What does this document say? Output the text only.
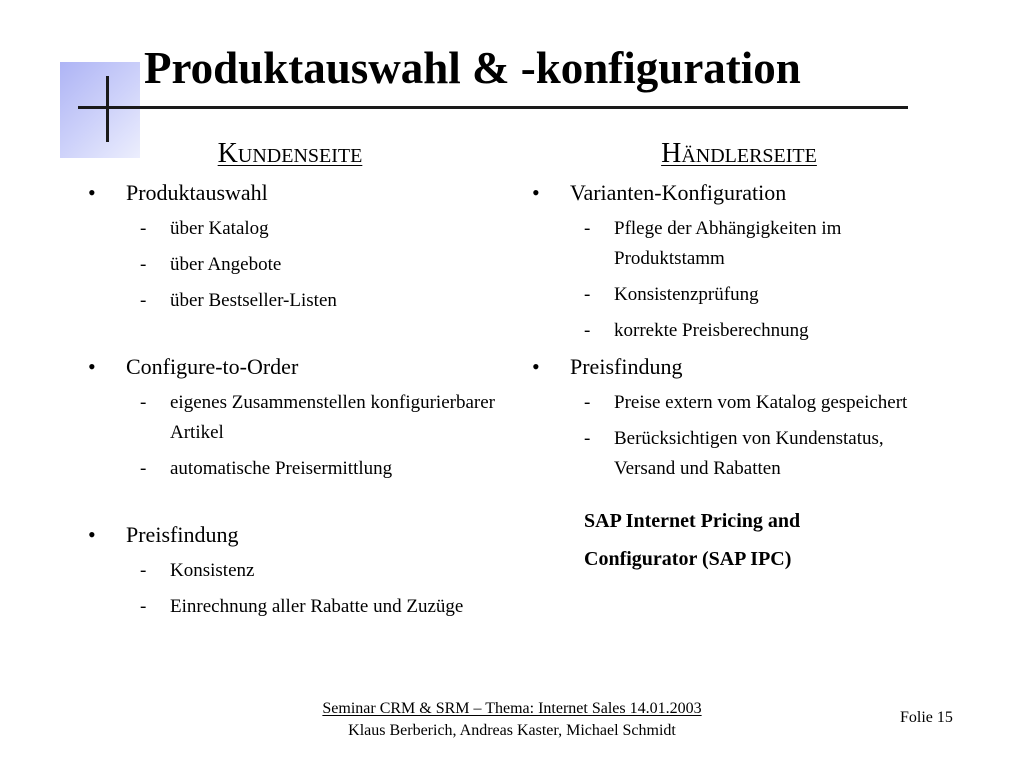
Produktauswahl & -konfiguration
Kundenseite
•	Produktauswahl
-	über Katalog
-	über Angebote
-	über Bestseller-Listen
•	Configure-to-Order
-	eigenes Zusammenstellen konfigurierbarer Artikel
-	automatische Preisermittlung
•	Preisfindung
-	Konsistenz
-	Einrechnung aller Rabatte und Zuzüge
Händlerseite
•	Varianten-Konfiguration
-	Pflege der Abhängigkeiten im Produktstamm
-	Konsistenzprüfung
-	korrekte Preisberechnung
•	Preisfindung
-	Preise extern vom Katalog gespeichert
-	Berücksichtigen von Kundenstatus, Versand und Rabatten
SAP Internet Pricing and
Configurator (SAP IPC)
Seminar CRM & SRM – Thema: Internet Sales 14.01.2003
Klaus Berberich, Andreas Kaster, Michael Schmidt
Folie 15
